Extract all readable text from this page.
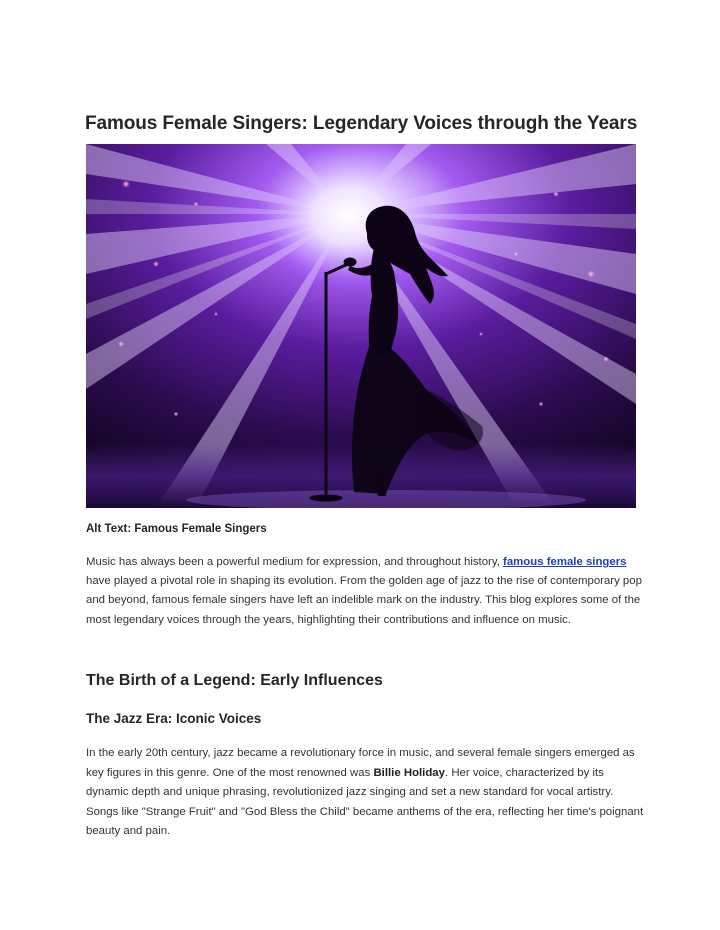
Famous Female Singers: Legendary Voices through the Years

Alt Text: Famous Female Singers

Music has always been a powerful medium for expression, and throughout history, famous female singers have played a pivotal role in shaping its evolution. From the golden age of jazz to the rise of contemporary pop and beyond, famous female singers have left an indelible mark on the industry. This blog explores some of the most legendary voices through the years, highlighting their contributions and influence on music.

The Birth of a Legend: Early Influences
The Jazz Era: Iconic Voices

In the early 20th century, jazz became a revolutionary force in music, and several female singers emerged as key figures in this genre. One of the most renowned was Billie Holiday. Her voice, characterized by its dynamic depth and unique phrasing, revolutionized jazz singing and set a new standard for vocal artistry. Songs like "Strange Fruit" and "God Bless the Child" became anthems of the era, reflecting her time's poignant beauty and pain.
